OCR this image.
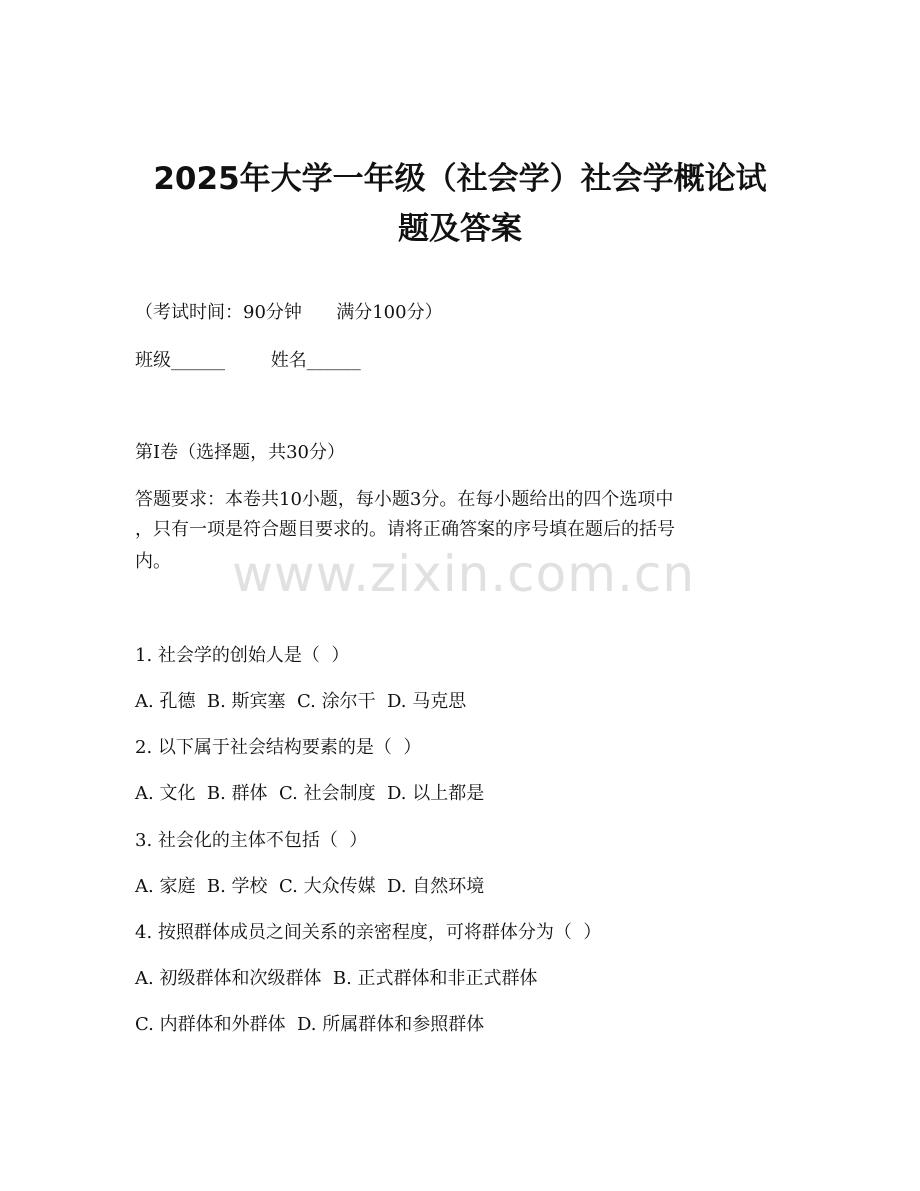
2025年大学一年级（社会学）社会学概论试
题及答案
（考试时间：90分钟      满分100分）
班级______        姓名______
第I卷（选择题，共30分）
答题要求：本卷共10小题，每小题3分。在每小题给出的四个选项中
，只有一项是符合题目要求的。请将正确答案的序号填在题后的括号
内。 www.zixin.com.cn
1. 社会学的创始人是（  ）
A. 孔德  B. 斯宾塞  C. 涂尔干  D. 马克思
2. 以下属于社会结构要素的是（  ）
A. 文化  B. 群体  C. 社会制度  D. 以上都是
3. 社会化的主体不包括（  ）
A. 家庭  B. 学校  C. 大众传媒  D. 自然环境
4. 按照群体成员之间关系的亲密程度，可将群体分为（  ）
A. 初级群体和次级群体  B. 正式群体和非正式群体
C. 内群体和外群体  D. 所属群体和参照群体
